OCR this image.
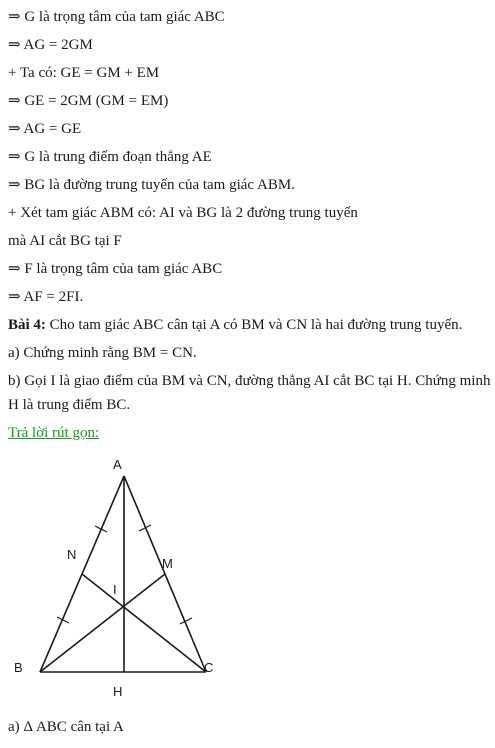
⇒ G là trọng tâm của tam giác ABC
⇒ AG = 2GM
+ Ta có: GE = GM + EM
⇒ GE = 2GM (GM = EM)
⇒ AG = GE
⇒ G là trung điểm đoạn thẳng AE
⇒ BG là đường trung tuyến của tam giác ABM.
+ Xét tam giác ABM có: AI và BG là 2 đường trung tuyến
mà AI cắt BG tại F
⇒ F là trọng tâm của tam giác ABC
⇒ AF = 2FI.
Bài 4: Cho tam giác ABC cân tại A có BM và CN là hai đường trung tuyến.
a) Chứng minh rằng BM = CN.
b) Gọi I là giao điểm của BM và CN, đường thẳng AI cắt BC tại H. Chứng minh
H là trung điểm BC.
Trả lời rút gọn:
A
B	C
H
M
N
I
a) Δ ABC cân tại A
